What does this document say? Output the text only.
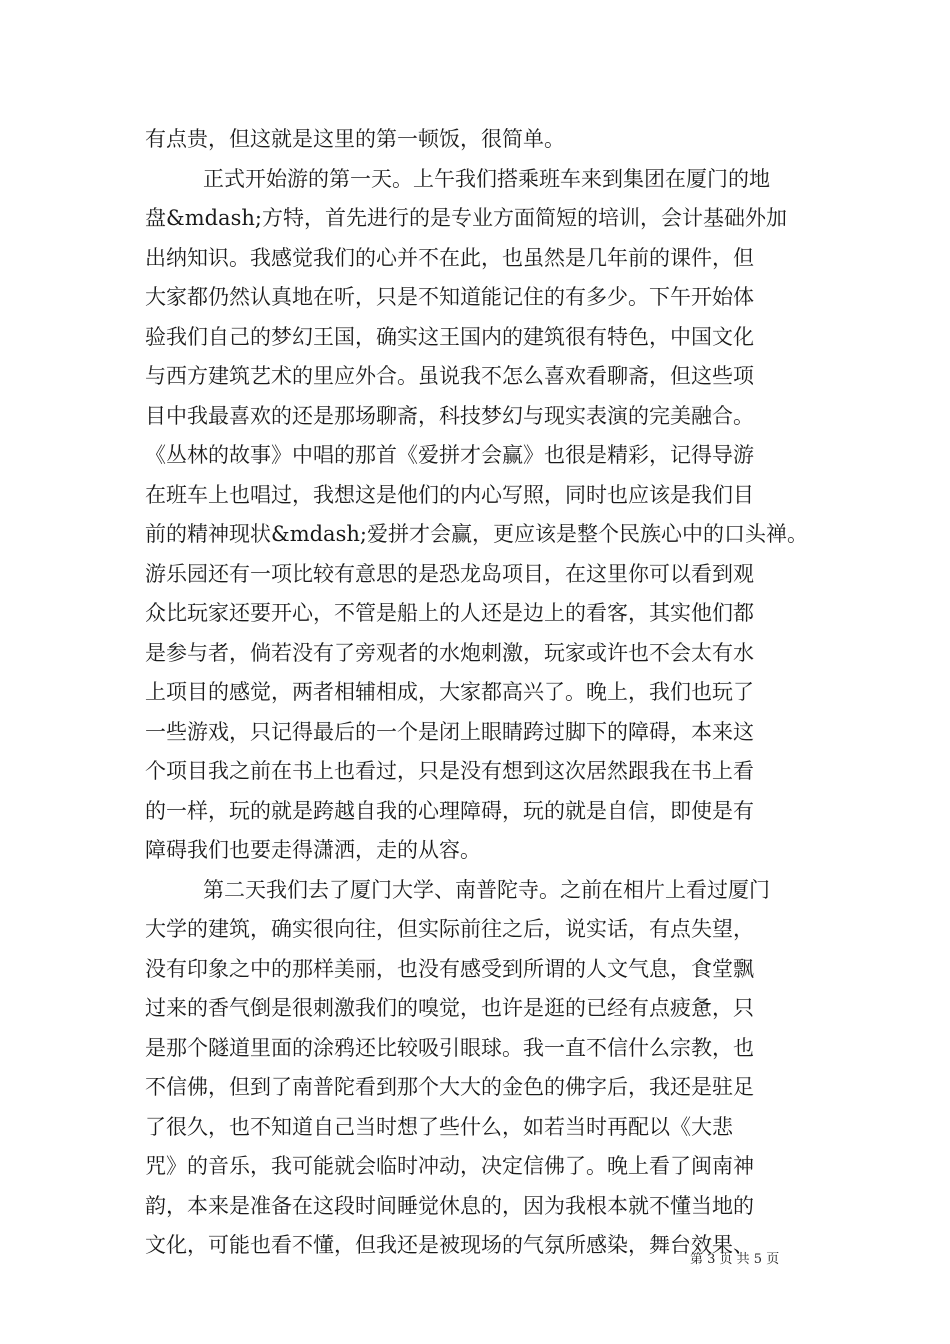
有点贵，但这就是这里的第一顿饭，很简单。
正式开始游的第一天。上午我们搭乘班车来到集团在厦门的地
盘&mdash;方特，首先进行的是专业方面简短的培训，会计基础外加
出纳知识。我感觉我们的心并不在此，也虽然是几年前的课件，但
大家都仍然认真地在听，只是不知道能记住的有多少。下午开始体
验我们自己的梦幻王国，确实这王国内的建筑很有特色，中国文化
与西方建筑艺术的里应外合。虽说我不怎么喜欢看聊斋，但这些项
目中我最喜欢的还是那场聊斋，科技梦幻与现实表演的完美融合。
《丛林的故事》中唱的那首《爱拼才会赢》也很是精彩，记得导游
在班车上也唱过，我想这是他们的内心写照，同时也应该是我们目
前的精神现状&mdash;爱拼才会赢，更应该是整个民族心中的口头禅。
游乐园还有一项比较有意思的是恐龙岛项目，在这里你可以看到观
众比玩家还要开心，不管是船上的人还是边上的看客，其实他们都
是参与者，倘若没有了旁观者的水炮刺激，玩家或许也不会太有水
上项目的感觉，两者相辅相成，大家都高兴了。晚上，我们也玩了
一些游戏，只记得最后的一个是闭上眼睛跨过脚下的障碍，本来这
个项目我之前在书上也看过，只是没有想到这次居然跟我在书上看
的一样，玩的就是跨越自我的心理障碍，玩的就是自信，即使是有
障碍我们也要走得潇洒，走的从容。
第二天我们去了厦门大学、南普陀寺。之前在相片上看过厦门
大学的建筑，确实很向往，但实际前往之后，说实话，有点失望，
没有印象之中的那样美丽，也没有感受到所谓的人文气息，食堂飘
过来的香气倒是很刺激我们的嗅觉，也许是逛的已经有点疲惫，只
是那个隧道里面的涂鸦还比较吸引眼球。我一直不信什么宗教，也
不信佛，但到了南普陀看到那个大大的金色的佛字后，我还是驻足
了很久，也不知道自己当时想了些什么，如若当时再配以《大悲
咒》的音乐，我可能就会临时冲动，决定信佛了。晚上看了闽南神
韵，本来是准备在这段时间睡觉休息的，因为我根本就不懂当地的
文化，可能也看不懂，但我还是被现场的气氛所感染，舞台效果、
第 3 页 共 5 页
